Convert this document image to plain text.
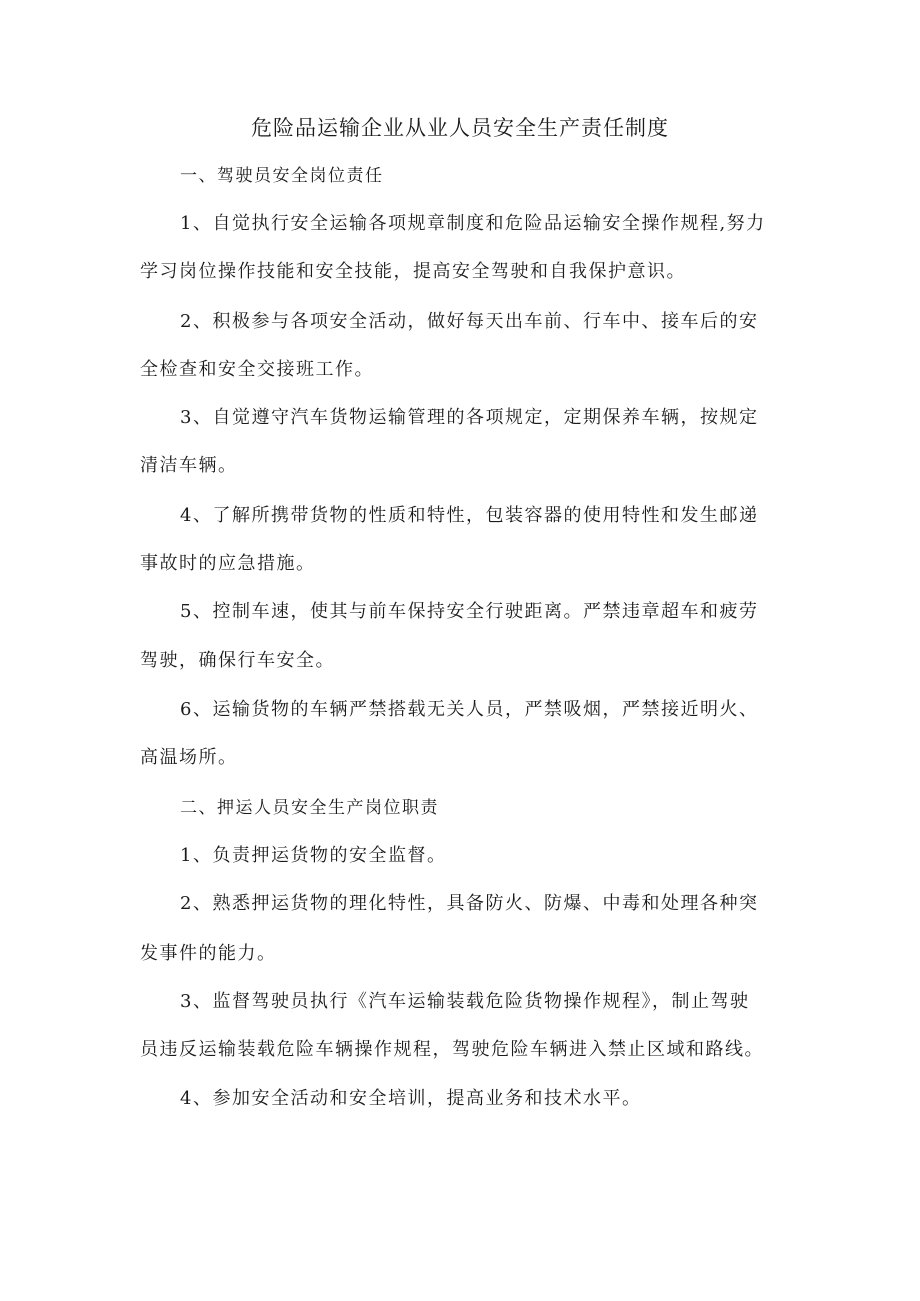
危险品运输企业从业人员安全生产责任制度
一、驾驶员安全岗位责任
1、自觉执行安全运输各项规章制度和危险品运输安全操作规程,努力
学习岗位操作技能和安全技能，提高安全驾驶和自我保护意识。
2、积极参与各项安全活动，做好每天出车前、行车中、接车后的安
全检查和安全交接班工作。
3、自觉遵守汽车货物运输管理的各项规定，定期保养车辆，按规定
清洁车辆。
4、了解所携带货物的性质和特性，包装容器的使用特性和发生邮递
事故时的应急措施。
5、控制车速，使其与前车保持安全行驶距离。严禁违章超车和疲劳
驾驶，确保行车安全。
6、运输货物的车辆严禁搭载无关人员，严禁吸烟，严禁接近明火、
高温场所。
二、押运人员安全生产岗位职责
1、负责押运货物的安全监督。
2、熟悉押运货物的理化特性，具备防火、防爆、中毒和处理各种突
发事件的能力。
3、监督驾驶员执行《汽车运输装载危险货物操作规程》，制止驾驶
员违反运输装载危险车辆操作规程，驾驶危险车辆进入禁止区域和路线。
4、参加安全活动和安全培训，提高业务和技术水平。
